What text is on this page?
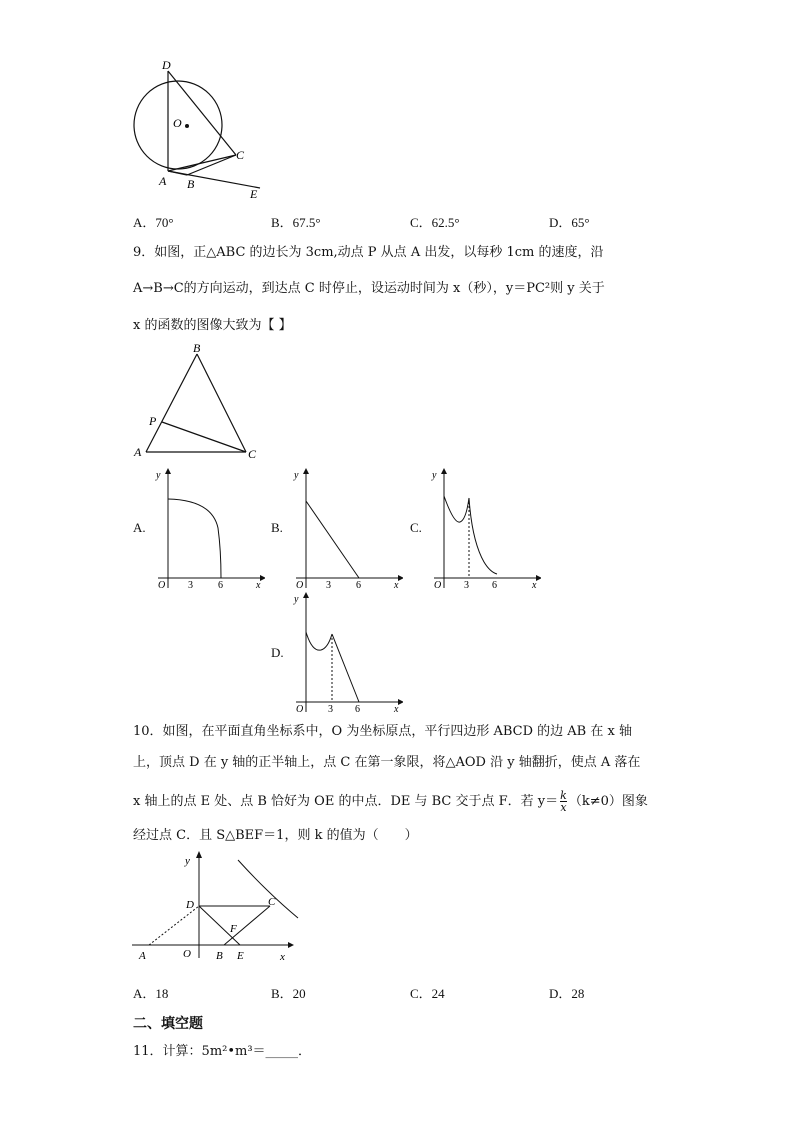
D
O
C
A B
E
A．70°	B．67.5°	C．62.5°	D．65°
9．如图，正△ABC 的边长为 3cm,动点 P 从点 A 出发，以每秒 1cm 的速度，沿
A→B→C的方向运动，到达点 C 时停止，设运动时间为 x（秒），y＝PC²则 y 关于
x 的函数的图像大致为【 】
B
P
A	C
A.
y
x
O 3	6
B.
y
x
O 3	6
C.
y
x
O 3 6
D.
y
x
O 3 6
10．如图，在平面直角坐标系中，O 为坐标原点，平行四边形 ABCD 的边 AB 在 x 轴
上，顶点 D 在 y 轴的正半轴上，点 C 在第一象限，将△AOD 沿 y 轴翻折，使点 A 落在
x 轴上的点 E 处、点 B 恰好为 OE 的中点．DE 与 BC 交于点 F．若 $y= \frac{k}{x} (k\ne 0)$图象
经过点 C．且 S△BEF＝1，则 k 的值为（　　）
y
x
D	C
F
A	O B E
A．18	B．20	C．24	D．28
二、填空题
11．计算：5m²•m³＝_____．
